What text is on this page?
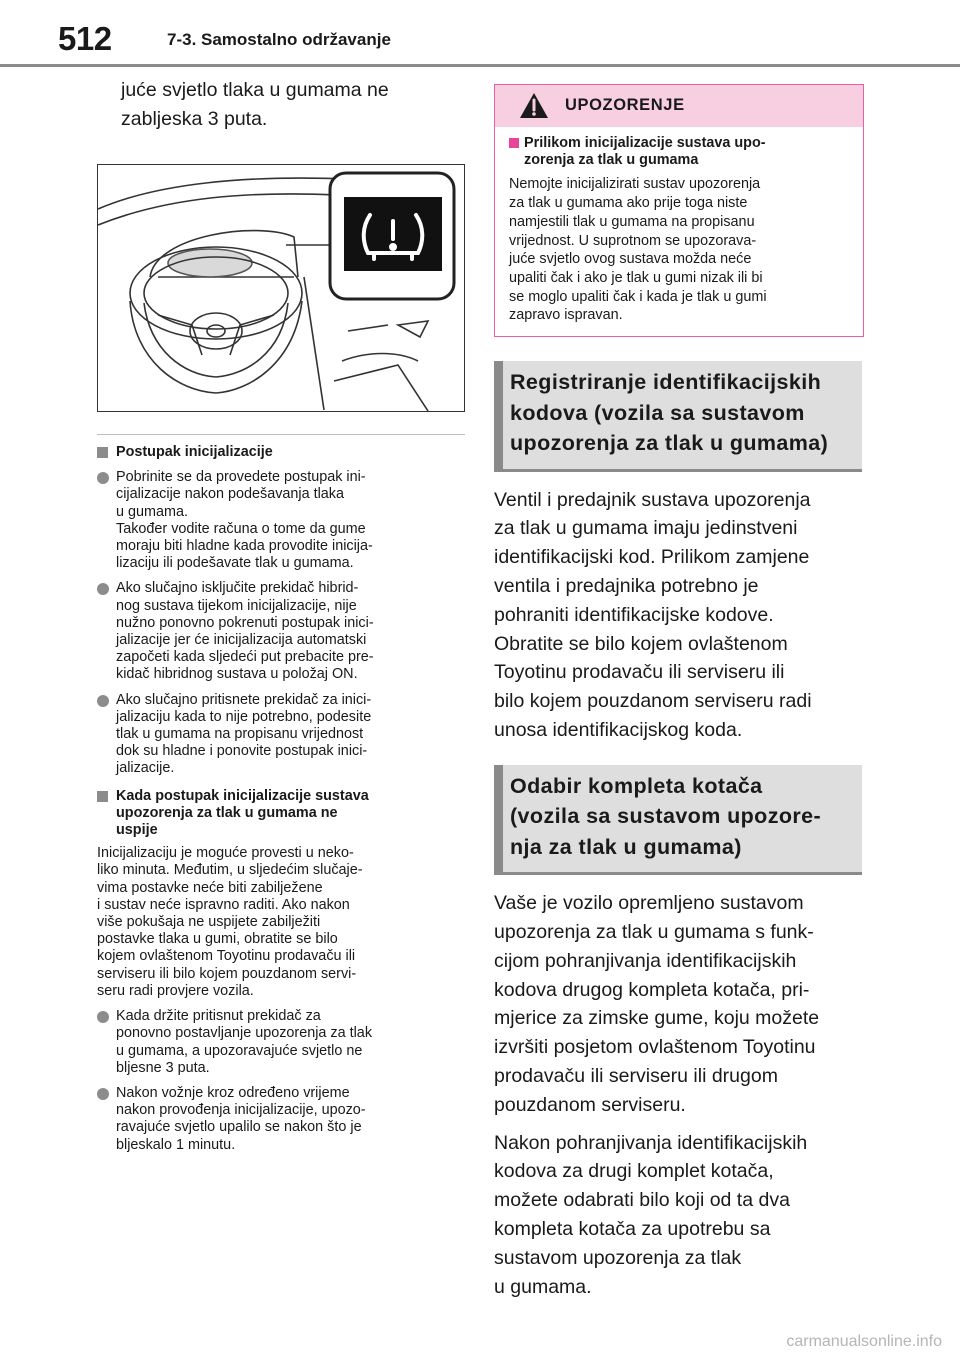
512	7-3. Samostalno održavanje

juće svjetlo tlaka u gumama ne
zabljeska 3 puta.

Postupak inicijalizacije
Pobrinite se da provedete postupak ini-
cijalizacije nakon podešavanja tlaka
u gumama.
Također vodite računa o tome da gume
moraju biti hladne kada provodite inicija-
lizaciju ili podešavate tlak u gumama.
Ako slučajno isključite prekidač hibrid-
nog sustava tijekom inicijalizacije, nije
nužno ponovno pokrenuti postupak inici-
jalizacije jer će inicijalizacija automatski
započeti kada sljedeći put prebacite pre-
kidač hibridnog sustava u položaj ON.
Ako slučajno pritisnete prekidač za inici-
jalizaciju kada to nije potrebno, podesite
tlak u gumama na propisanu vrijednost
dok su hladne i ponovite postupak inici-
jalizacije.
Kada postupak inicijalizacije sustava
upozorenja za tlak u gumama ne
uspije
Inicijalizaciju je moguće provesti u neko-
liko minuta. Međutim, u sljedećim slučaje-
vima postavke neće biti zabilježene
i sustav neće ispravno raditi. Ako nakon
više pokušaja ne uspijete zabilježiti
postavke tlaka u gumi, obratite se bilo
kojem ovlaštenom Toyotinu prodavaču ili
serviseru ili bilo kojem pouzdanom servi-
seru radi provjere vozila.
Kada držite pritisnut prekidač za
ponovno postavljanje upozorenja za tlak
u gumama, a upozoravajuće svjetlo ne
bljesne 3 puta.
Nakon vožnje kroz određeno vrijeme
nakon provođenja inicijalizacije, upozo-
ravajuće svjetlo upalilo se nakon što je
bljeskalo 1 minutu.
UPOZORENJE
Prilikom inicijalizacije sustava upo-
zorenja za tlak u gumama
Nemojte inicijalizirati sustav upozorenja
za tlak u gumama ako prije toga niste
namjestili tlak u gumama na propisanu
vrijednost. U suprotnom se upozorava-
juće svjetlo ovog sustava možda neće
upaliti čak i ako je tlak u gumi nizak ili bi
se moglo upaliti čak i kada je tlak u gumi
zapravo ispravan.
Registriranje identifikacijskih
kodova (vozila sa sustavom
upozorenja za tlak u gumama)
Ventil i predajnik sustava upozorenja
za tlak u gumama imaju jedinstveni
identifikacijski kod. Prilikom zamjene
ventila i predajnika potrebno je
pohraniti identifikacijske kodove.
Obratite se bilo kojem ovlaštenom
Toyotinu prodavaču ili serviseru ili
bilo kojem pouzdanom serviseru radi
unosa identifikacijskog koda.
Odabir kompleta kotača
(vozila sa sustavom upozore-
nja za tlak u gumama)
Vaše je vozilo opremljeno sustavom
upozorenja za tlak u gumama s funk-
cijom pohranjivanja identifikacijskih
kodova drugog kompleta kotača, pri-
mjerice za zimske gume, koju možete
izvršiti posjetom ovlaštenom Toyotinu
prodavaču ili serviseru ili drugom
pouzdanom serviseru.
Nakon pohranjivanja identifikacijskih
kodova za drugi komplet kotača,
možete odabrati bilo koji od ta dva
kompleta kotača za upotrebu sa
sustavom upozorenja za tlak
u gumama.
carmanualsonline.info
